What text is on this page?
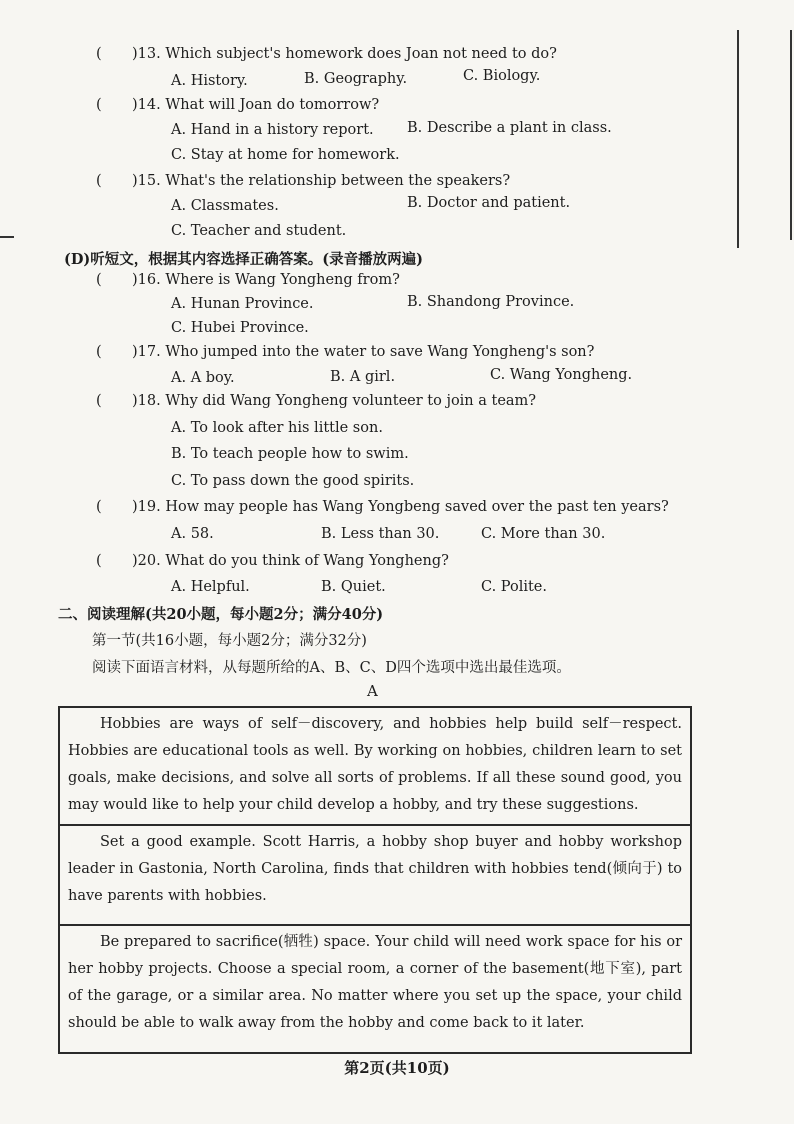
( )13. Which subject's homework does Joan not need to do?
A. History.	B. Geography.	C. Biology.
( )14. What will Joan do tomorrow?
A. Hand in a history report. B. Describe a plant in class.
C. Stay at home for homework.
( )15. What's the relationship between the speakers?
A. Classmates.	B. Doctor and patient.
C. Teacher and student.
(D)听短文，根据其内容选择正确答案。(录音播放两遍)
( )16. Where is Wang Yongheng from?
A. Hunan Province.	B. Shandong Province.
C. Hubei Province.
( )17. Who jumped into the water to save Wang Yongheng's son?
A. A boy.	B. A girl.	C. Wang Yongheng.
( )18. Why did Wang Yongheng volunteer to join a team?
A. To look after his little son.
B. To teach people how to swim.
C. To pass down the good spirits.
( )19. How may people has Wang Yongbeng saved over the past ten years?
A. 58.	B. Less than 30.	C. More than 30.
( )20. What do you think of Wang Yongheng?
A. Helpful.	B. Quiet.	C. Polite.
二、阅读理解(共20小题，每小题2分；满分40分)
第一节(共16小题，每小题2分；满分32分)
阅读下面语言材料，从每题所给的A、B、C、D四个选项中选出最佳选项。
A

Hobbies are ways of self－discovery, and hobbies help build self－respect. Hobbies are educational tools as well. By working on hobbies, children learn to set goals, make decisions, and solve all sorts of problems. If all these sound good, you may would like to help your child develop a hobby, and try these suggestions.

Set a good example. Scott Harris, a hobby shop buyer and hobby workshop leader in Gastonia, North Carolina, finds that children with hobbies tend(倾向于) to have parents with hobbies.

Be prepared to sacrifice(牺牲) space. Your child will need work space for his or her hobby projects. Choose a special room, a corner of the basement(地下室), part of the garage, or a similar area. No matter where you set up the space, your child should be able to walk away from the hobby and come back to it later.

第2页(共10页)
